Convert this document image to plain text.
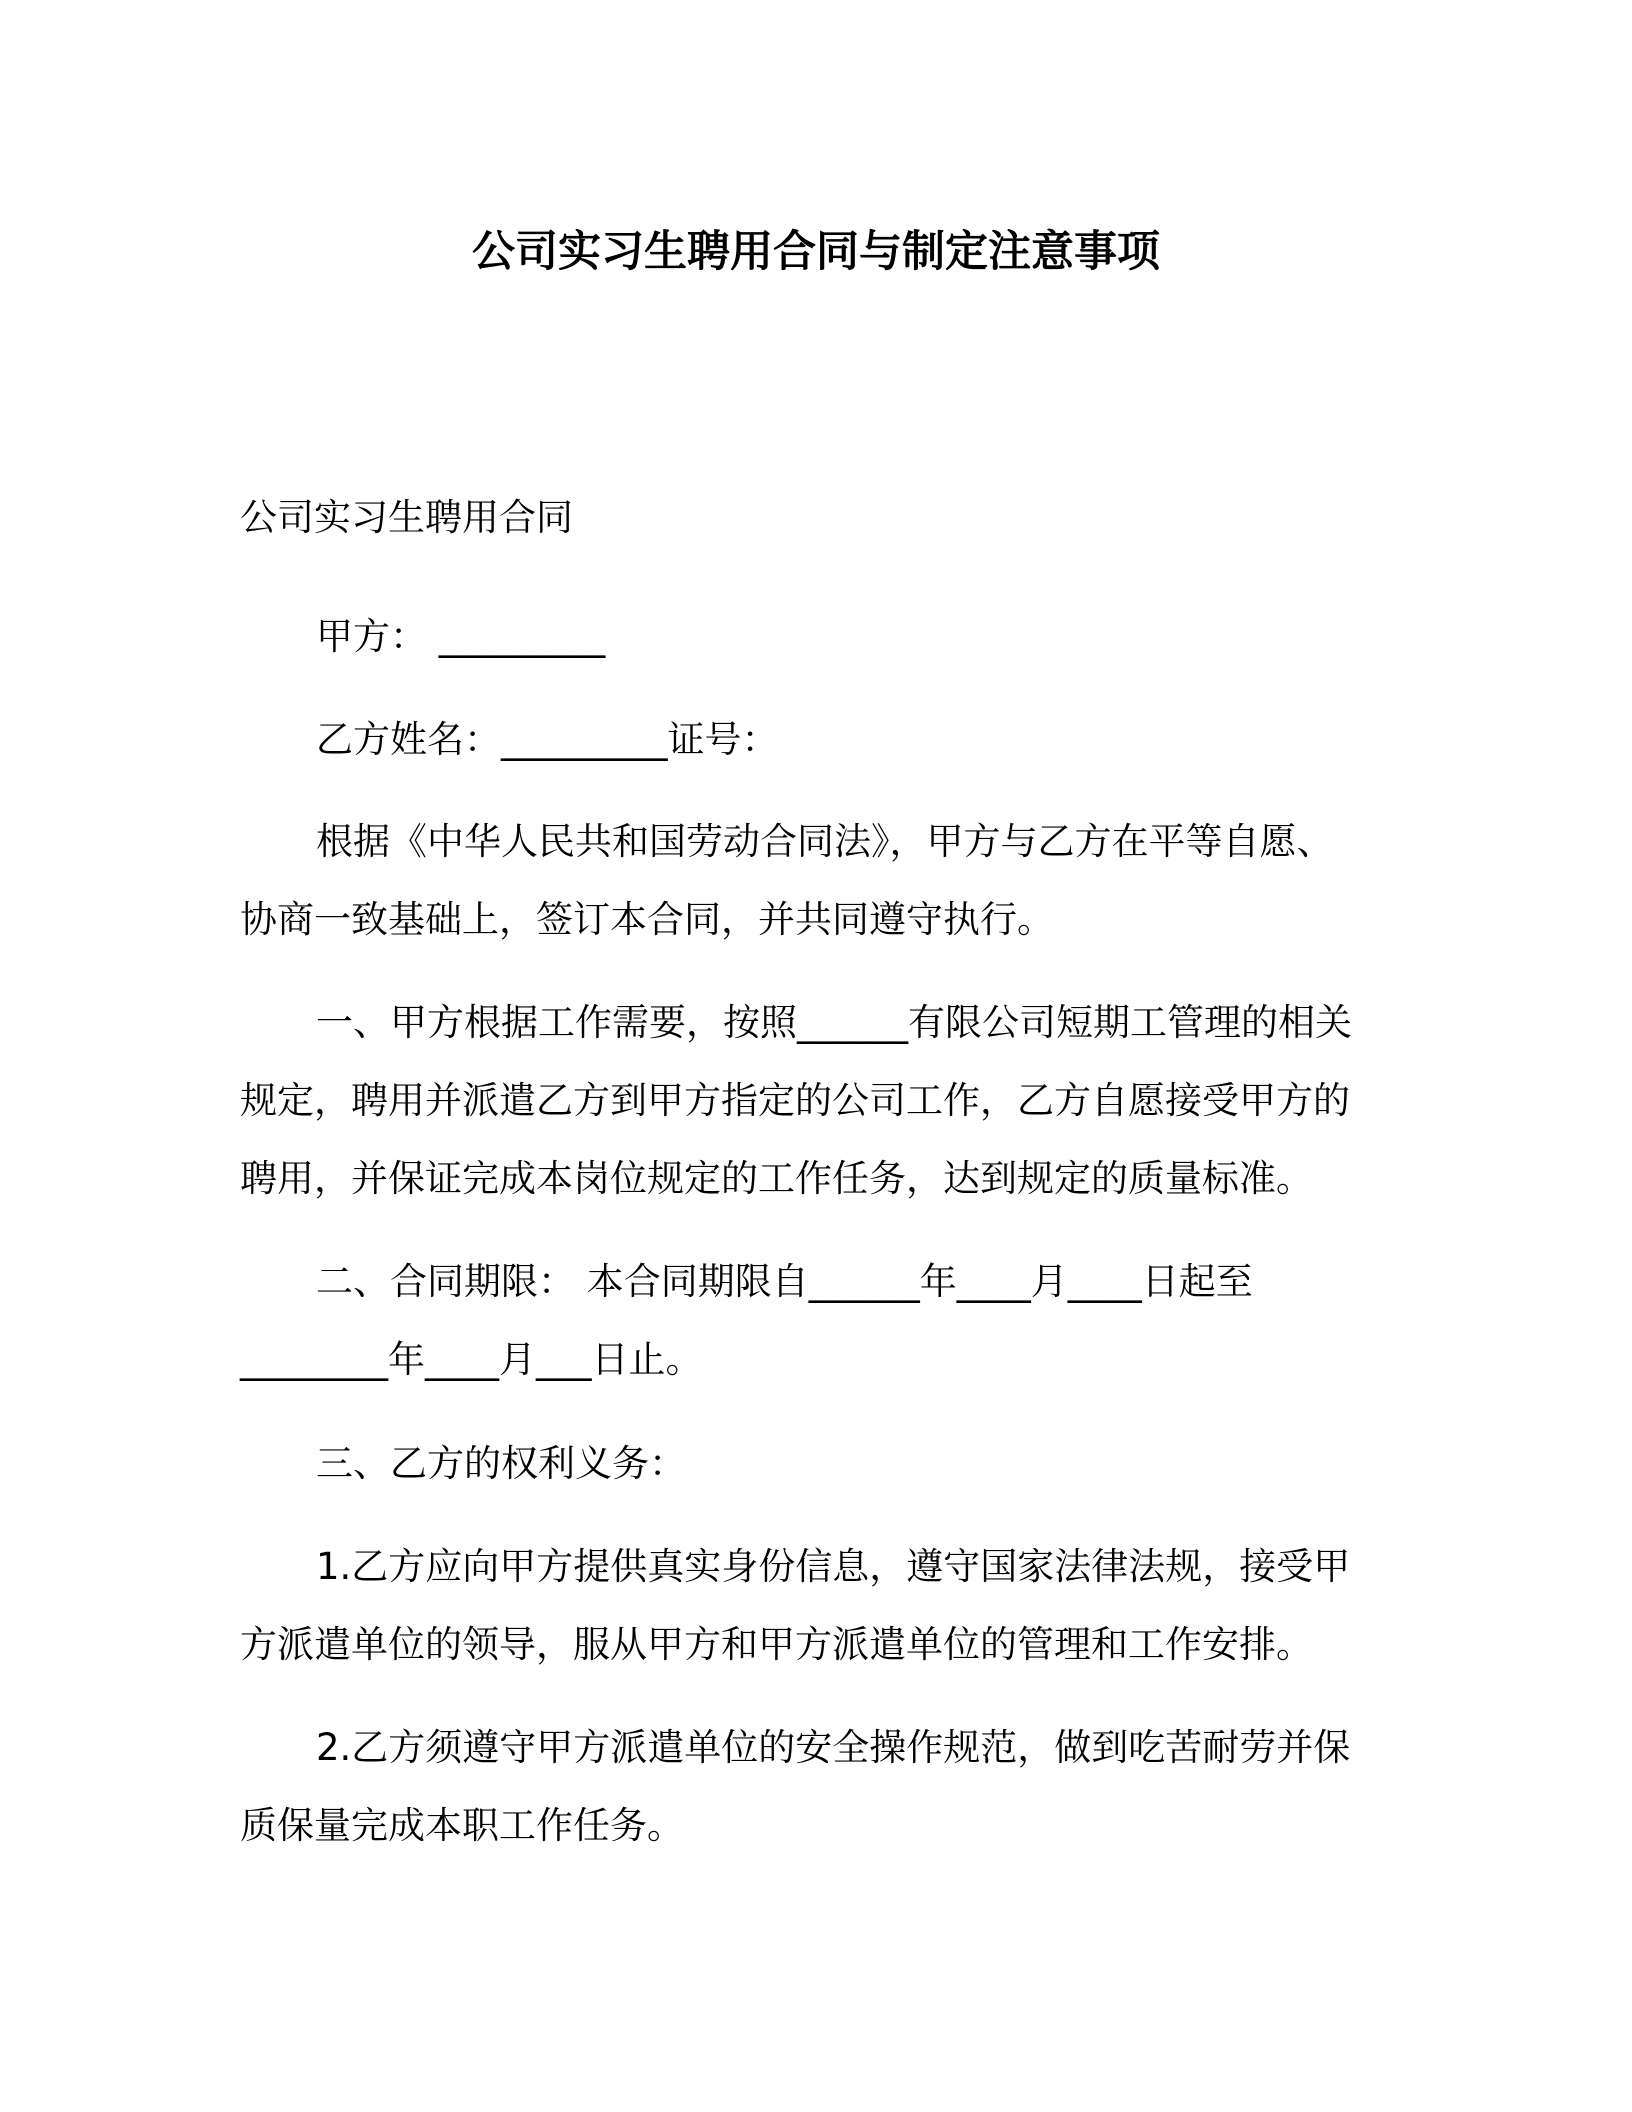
公司实习生聘用合同与制定注意事项
公司实习生聘用合同
甲方： _________
乙方姓名：_________证号：
根据《中华人民共和国劳动合同法》，甲方与乙方在平等自愿、
协商一致基础上，签订本合同，并共同遵守执行。
一、甲方根据工作需要，按照______有限公司短期工管理的相关
规定，聘用并派遣乙方到甲方指定的公司工作，乙方自愿接受甲方的
聘用，并保证完成本岗位规定的工作任务，达到规定的质量标准。
二、合同期限： 本合同期限自______年____月____日起至
________年____月___日止。
三、乙方的权利义务：
1.乙方应向甲方提供真实身份信息，遵守国家法律法规，接受甲
方派遣单位的领导，服从甲方和甲方派遣单位的管理和工作安排。
2.乙方须遵守甲方派遣单位的安全操作规范，做到吃苦耐劳并保
质保量完成本职工作任务。
